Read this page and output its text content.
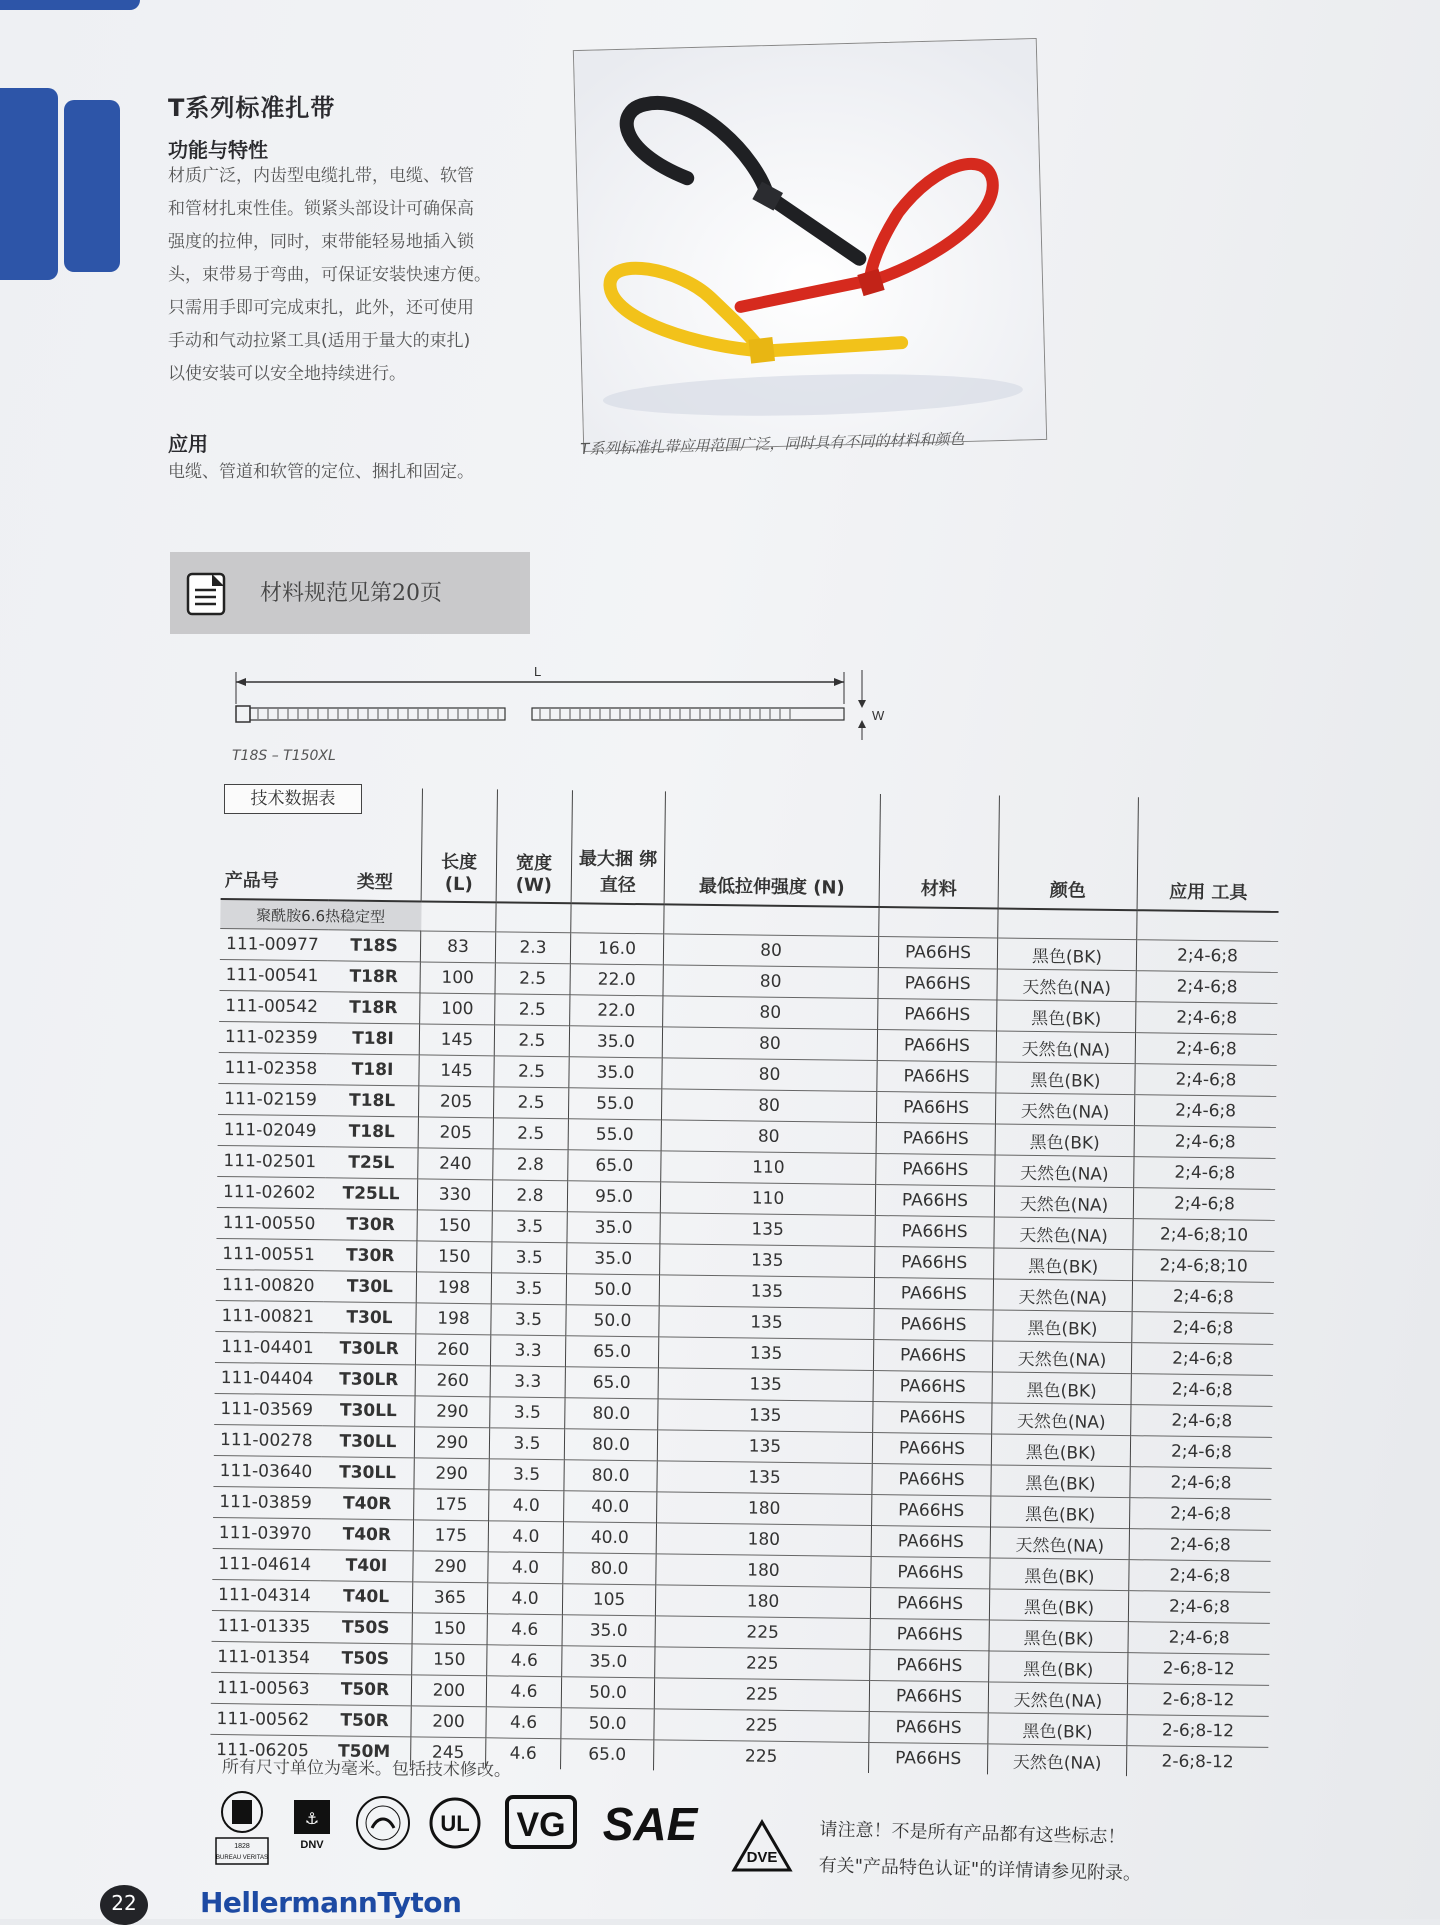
T系列标准扎带
功能与特性
材质广泛，内齿型电缆扎带，电缆、软管
和管材扎束性佳。锁紧头部设计可确保高
强度的拉伸，同时，束带能轻易地插入锁
头，束带易于弯曲，可保证安装快速方便。
只需用手即可完成束扎，此外，还可使用
手动和气动拉紧工具(适用于量大的束扎)
以使安装可以安全地持续进行。
应用
电缆、管道和软管的定位、捆扎和固定。
T系列标准扎带应用范围广泛，同时具有不同的材料和颜色
材料规范见第20页
L
W
T18S – T150XL
产品号	类型	长度 (L)	宽度 (W)	最大捆 绑直径	最低拉伸强度 (N)	材料	颜色	应用 工具
聚酰胺6.6热稳定型								
111-00977	T18S	83	2.3	16.0	80	PA66HS	黑色(BK)	2;4-6;8
111-00541	T18R	100	2.5	22.0	80	PA66HS	天然色(NA)	2;4-6;8
111-00542	T18R	100	2.5	22.0	80	PA66HS	黑色(BK)	2;4-6;8
111-02359	T18I	145	2.5	35.0	80	PA66HS	天然色(NA)	2;4-6;8
111-02358	T18I	145	2.5	35.0	80	PA66HS	黑色(BK)	2;4-6;8
111-02159	T18L	205	2.5	55.0	80	PA66HS	天然色(NA)	2;4-6;8
111-02049	T18L	205	2.5	55.0	80	PA66HS	黑色(BK)	2;4-6;8
111-02501	T25L	240	2.8	65.0	110	PA66HS	天然色(NA)	2;4-6;8
111-02602	T25LL	330	2.8	95.0	110	PA66HS	天然色(NA)	2;4-6;8
111-00550	T30R	150	3.5	35.0	135	PA66HS	天然色(NA)	2;4-6;8;10
111-00551	T30R	150	3.5	35.0	135	PA66HS	黑色(BK)	2;4-6;8;10
111-00820	T30L	198	3.5	50.0	135	PA66HS	天然色(NA)	2;4-6;8
111-00821	T30L	198	3.5	50.0	135	PA66HS	黑色(BK)	2;4-6;8
111-04401	T30LR	260	3.3	65.0	135	PA66HS	天然色(NA)	2;4-6;8
111-04404	T30LR	260	3.3	65.0	135	PA66HS	黑色(BK)	2;4-6;8
111-03569	T30LL	290	3.5	80.0	135	PA66HS	天然色(NA)	2;4-6;8
111-00278	T30LL	290	3.5	80.0	135	PA66HS	黑色(BK)	2;4-6;8
111-03640	T30LL	290	3.5	80.0	135	PA66HS	黑色(BK)	2;4-6;8
111-03859	T40R	175	4.0	40.0	180	PA66HS	黑色(BK)	2;4-6;8
111-03970	T40R	175	4.0	40.0	180	PA66HS	天然色(NA)	2;4-6;8
111-04614	T40I	290	4.0	80.0	180	PA66HS	黑色(BK)	2;4-6;8
111-04314	T40L	365	4.0	105	180	PA66HS	黑色(BK)	2;4-6;8
111-01335	T50S	150	4.6	35.0	225	PA66HS	黑色(BK)	2;4-6;8
111-01354	T50S	150	4.6	35.0	225	PA66HS	黑色(BK)	2-6;8-12
111-00563	T50R	200	4.6	50.0	225	PA66HS	天然色(NA)	2-6;8-12
111-00562	T50R	200	4.6	50.0	225	PA66HS	黑色(BK)	2-6;8-12
111-06205	T50M	245	4.6	65.0	225	PA66HS	天然色(NA)	2-6;8-12
技术数据表
所有尺寸单位为毫米。包括技术修改。
1828
BUREAU VERITAS
⚓
DNV
UL VG SAE
DVE
请注意！不是所有产品都有这些标志！
有关"产品特色认证"的详情请参见附录。
22	HellermannTyton
